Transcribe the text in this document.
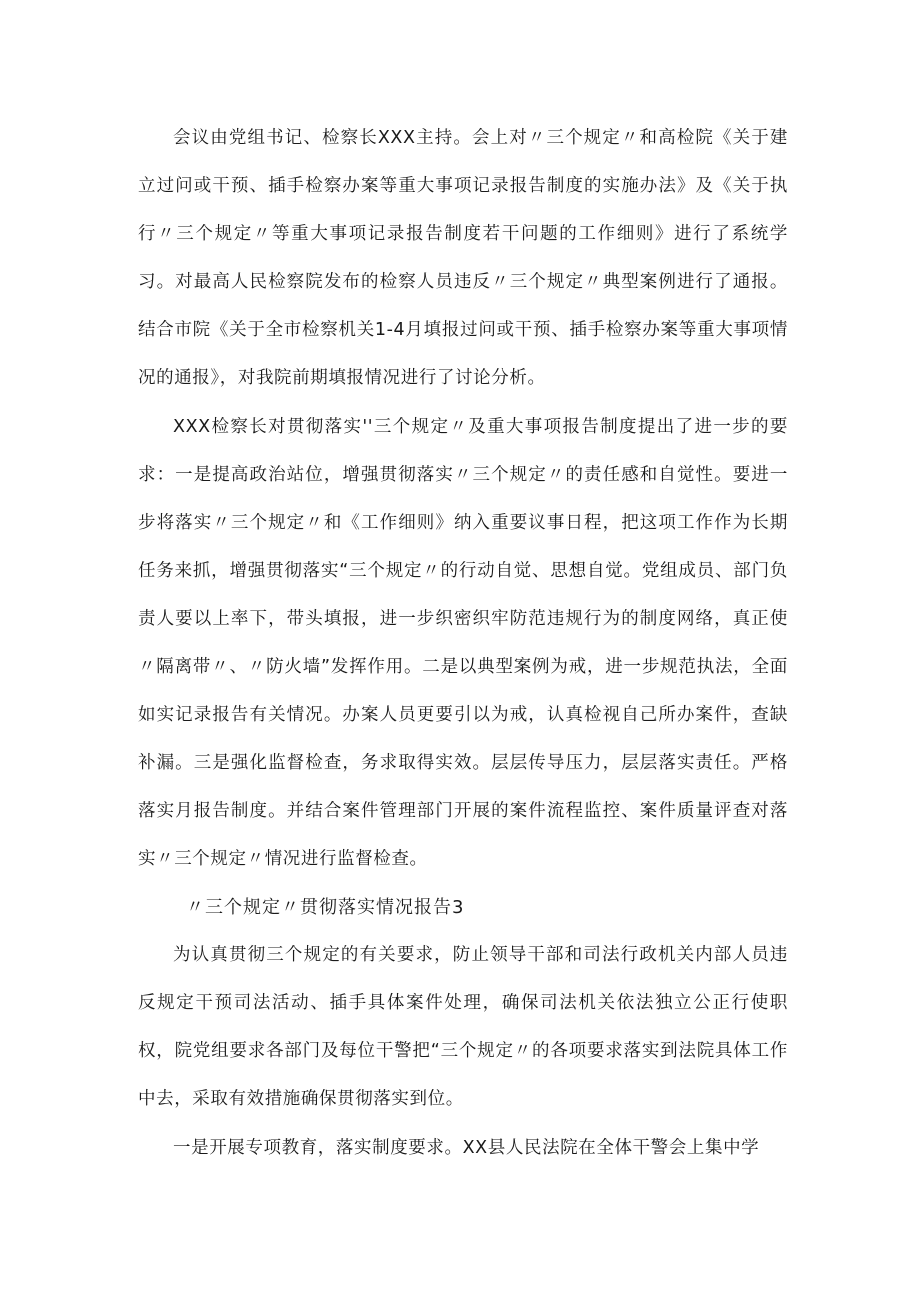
会议由党组书记、检察长XXX主持。会上对〃三个规定〃和高检院《关于建立过问或干预、插手检察办案等重大事项记录报告制度的实施办法》及《关于执行〃三个规定〃等重大事项记录报告制度若干问题的工作细则》进行了系统学习。对最高人民检察院发布的检察人员违反〃三个规定〃典型案例进行了通报。结合市院《关于全市检察机关1-4月填报过问或干预、插手检察办案等重大事项情况的通报》，对我院前期填报情况进行了讨论分析。

XXX检察长对贯彻落实''三个规定〃及重大事项报告制度提出了进一步的要求：一是提高政治站位，增强贯彻落实〃三个规定〃的责任感和自觉性。要进一步将落实〃三个规定〃和《工作细则》纳入重要议事日程，把这项工作作为长期任务来抓，增强贯彻落实“三个规定〃的行动自觉、思想自觉。党组成员、部门负责人要以上率下，带头填报，进一步织密织牢防范违规行为的制度网络，真正使〃隔离带〃、〃防火墙”发挥作用。二是以典型案例为戒，进一步规范执法，全面如实记录报告有关情况。办案人员更要引以为戒，认真检视自己所办案件，查缺补漏。三是强化监督检查，务求取得实效。层层传导压力，层层落实责任。严格落实月报告制度。并结合案件管理部门开展的案件流程监控、案件质量评查对落实〃三个规定〃情况进行监督检查。

〃三个规定〃贯彻落实情况报告3

为认真贯彻三个规定的有关要求，防止领导干部和司法行政机关内部人员违反规定干预司法活动、插手具体案件处理，确保司法机关依法独立公正行使职权，院党组要求各部门及每位干警把“三个规定〃的各项要求落实到法院具体工作中去，采取有效措施确保贯彻落实到位。

一是开展专项教育，落实制度要求。XX县人民法院在全体干警会上集中学
